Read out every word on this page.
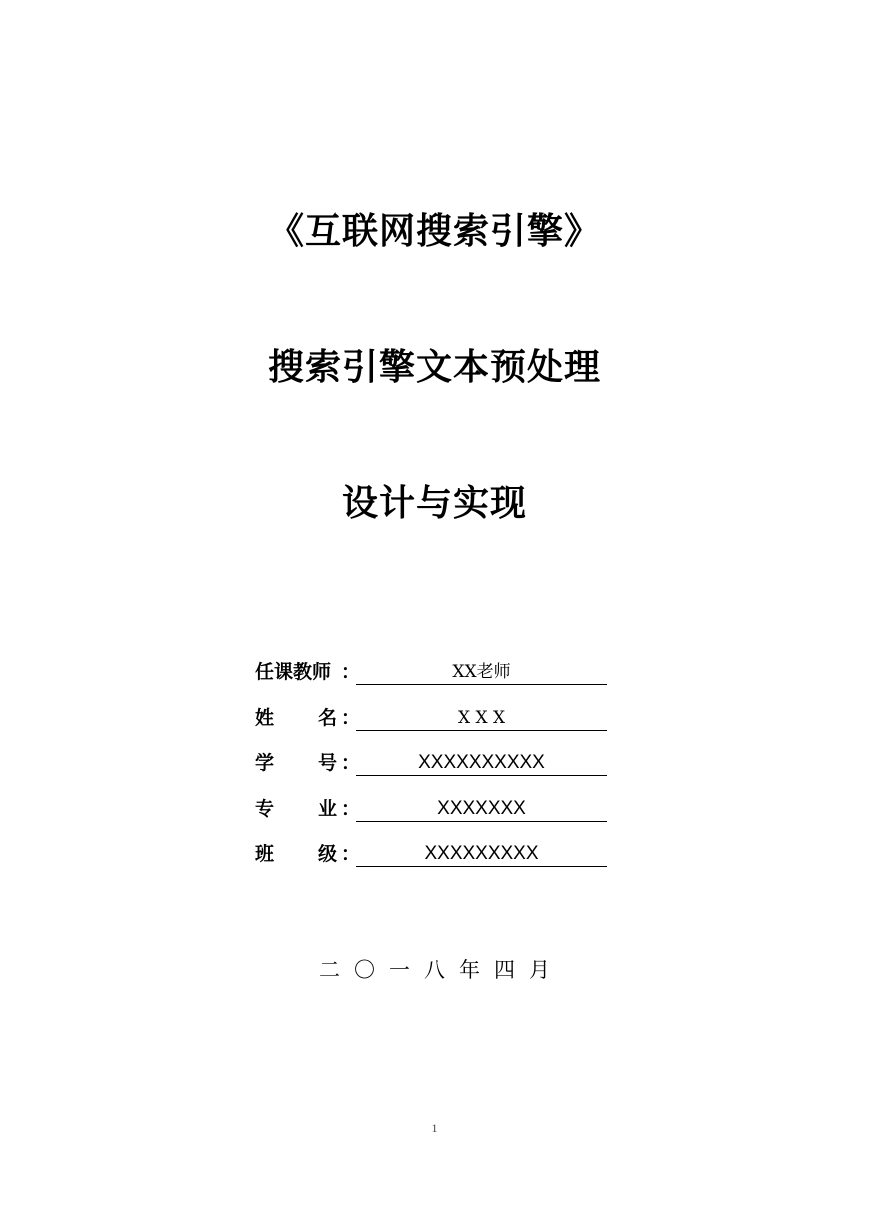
《互联网搜索引擎》
搜索引擎文本预处理
设计与实现
任课教师 ：	XX老师
姓 名 ：	X X X
学 号 ：	XXXXXXXXXX
专 业 ：	XXXXXXX
班 级 ：	XXXXXXXXX
二〇一八年四月
1
